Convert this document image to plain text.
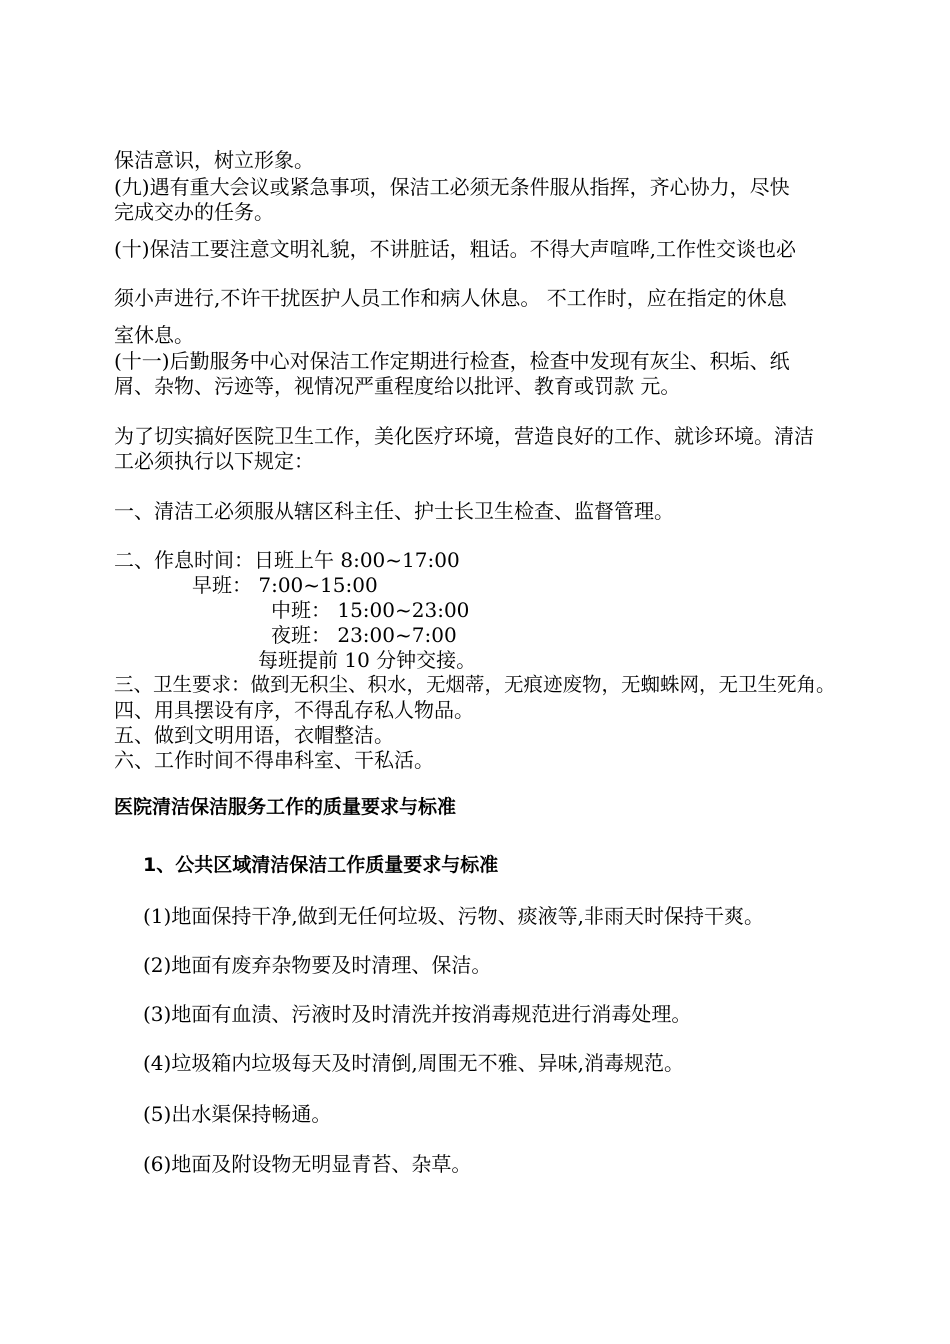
保洁意识，树立形象。
(九)遇有重大会议或紧急事项，保洁工必须无条件服从指挥，齐心协力，尽快
完成交办的任务。
(十)保洁工要注意文明礼貌，不讲脏话，粗话。不得大声喧哗,工作性交谈也必
须小声进行,不许干扰医护人员工作和病人休息。 不工作时，应在指定的休息
室休息。
(十一)后勤服务中心对保洁工作定期进行检查，检查中发现有灰尘、积垢、纸
屑、杂物、污迹等，视情况严重程度给以批评、教育或罚款 元。
为了切实搞好医院卫生工作，美化医疗环境，营造良好的工作、就诊环境。清洁
工必须执行以下规定：
一、清洁工必须服从辖区科主任、护士长卫生检查、监督管理。
二、作息时间：日班上午 8:00~17:00
早班： 7:00~15:00
中班： 15:00~23:00
夜班： 23:00~7:00
每班提前 10 分钟交接。
三、卫生要求：做到无积尘、积水，无烟蒂，无痕迹废物，无蜘蛛网，无卫生死角。
四、用具摆设有序，不得乱存私人物品。
五、做到文明用语，衣帽整洁。
六、工作时间不得串科室、干私活。
医院清洁保洁服务工作的质量要求与标准
1、公共区域清洁保洁工作质量要求与标准
(1)地面保持干净,做到无任何垃圾、污物、痰液等,非雨天时保持干爽。
(2)地面有废弃杂物要及时清理、保洁。
(3)地面有血渍、污液时及时清洗并按消毒规范进行消毒处理。
(4)垃圾箱内垃圾每天及时清倒,周围无不雅、异味,消毒规范。
(5)出水渠保持畅通。
(6)地面及附设物无明显青苔、杂草。
